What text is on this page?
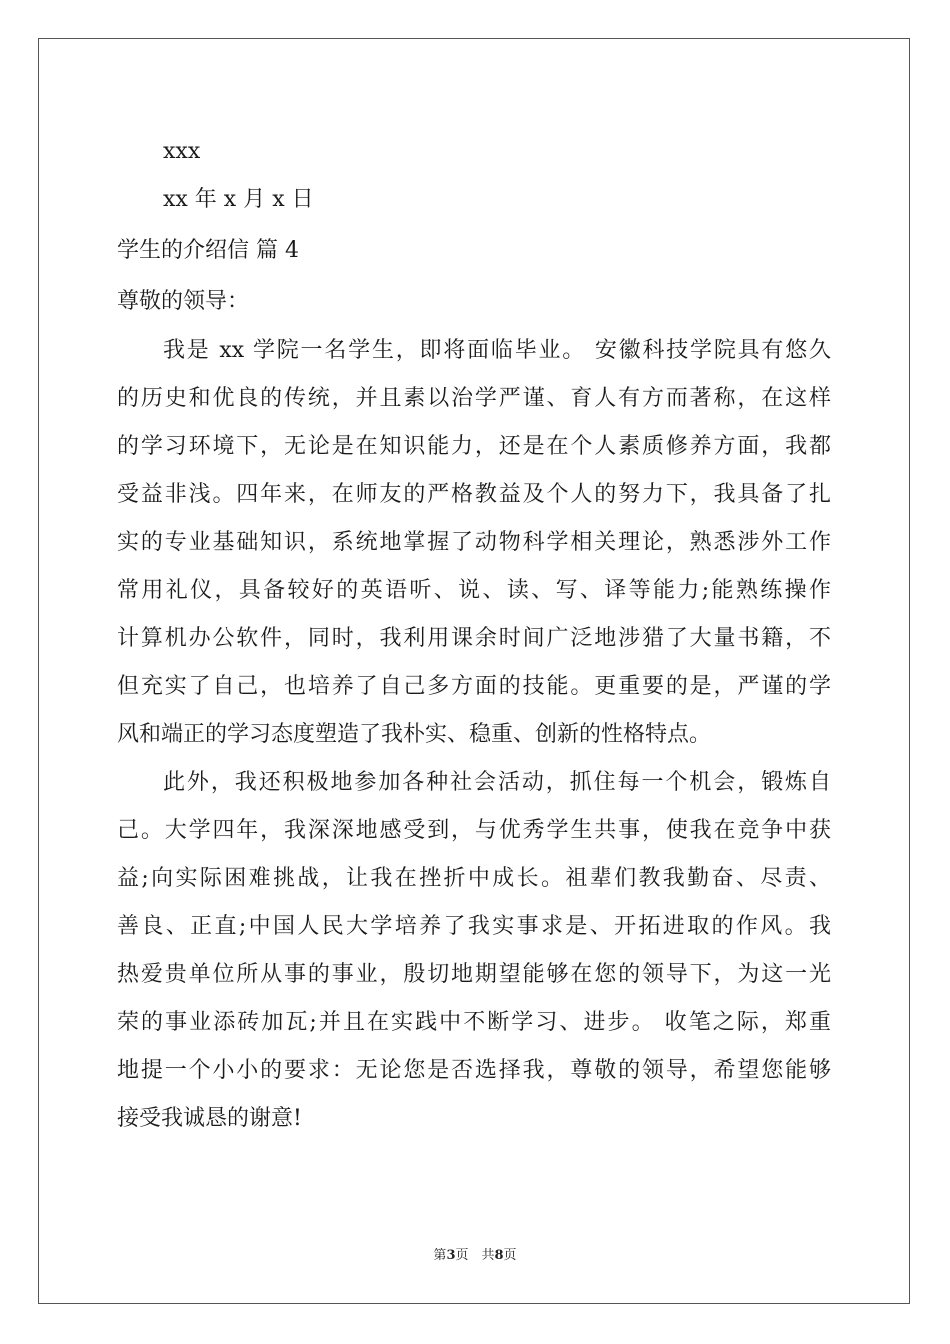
xxx
xx 年 x 月 x 日
学生的介绍信 篇 4
尊敬的领导：
我是 xx 学院一名学生，即将面临毕业。 安徽科技学院具有悠久
的历史和优良的传统，并且素以治学严谨、育人有方而著称，在这样
的学习环境下，无论是在知识能力，还是在个人素质修养方面，我都
受益非浅。四年来，在师友的严格教益及个人的努力下，我具备了扎
实的专业基础知识，系统地掌握了动物科学相关理论，熟悉涉外工作
常用礼仪，具备较好的英语听、说、读、写、译等能力;能熟练操作
计算机办公软件，同时，我利用课余时间广泛地涉猎了大量书籍，不
但充实了自己，也培养了自己多方面的技能。更重要的是，严谨的学
风和端正的学习态度塑造了我朴实、稳重、创新的性格特点。
此外，我还积极地参加各种社会活动，抓住每一个机会，锻炼自
己。大学四年，我深深地感受到，与优秀学生共事，使我在竞争中获
益;向实际困难挑战，让我在挫折中成长。祖辈们教我勤奋、尽责、
善良、正直;中国人民大学培养了我实事求是、开拓进取的作风。我
热爱贵单位所从事的事业，殷切地期望能够在您的领导下，为这一光
荣的事业添砖加瓦;并且在实践中不断学习、进步。 收笔之际，郑重
地提一个小小的要求：无论您是否选择我，尊敬的领导，希望您能够
接受我诚恳的谢意!
第3页　共8页
